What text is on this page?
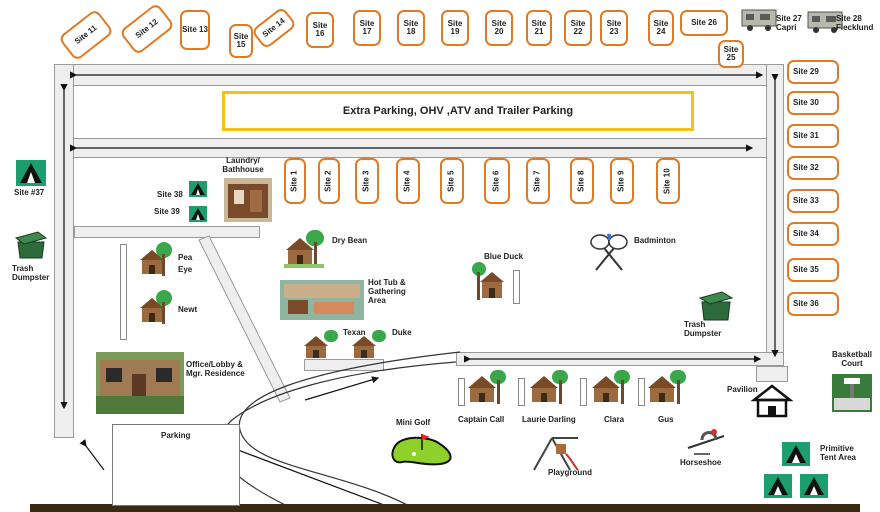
Extra Parking, OHV ,ATV and Trailer Parking
Site 11	Site 12	Site 13
Site 15
Site 14	Site 16
Site 17
Site 18
Site 19
Site 20
Site 21
Site 22
Site 23
Site 24
Site 26
Site 25
Site 27 Capri
Site 28 Flecklund
Site 29
Site 30
Site 31
Site 32
Site 33
Site 34
Site 35
Site 36
Site 1	Site 2	Site 3	Site 4	Site 5	Site 6	Site 7	Site 8	Site 9	Site 10
Site #37	Site 38
Site 39
Primitive Tent Area
Laundry/ Bathhouse
Trash Dumpster
Trash Dumpster
Pea
Eye
Newt
Dry Bean
Hot Tub & Gathering Area
Texan	Duke
Blue Duck
Badminton
Office/Lobby & Mgr. Residence
Parking
Captain Call Laurie Darling	Clara	Gus
Pavilion
Basketball Court
Mini Golf
Playground
Horseshoe
